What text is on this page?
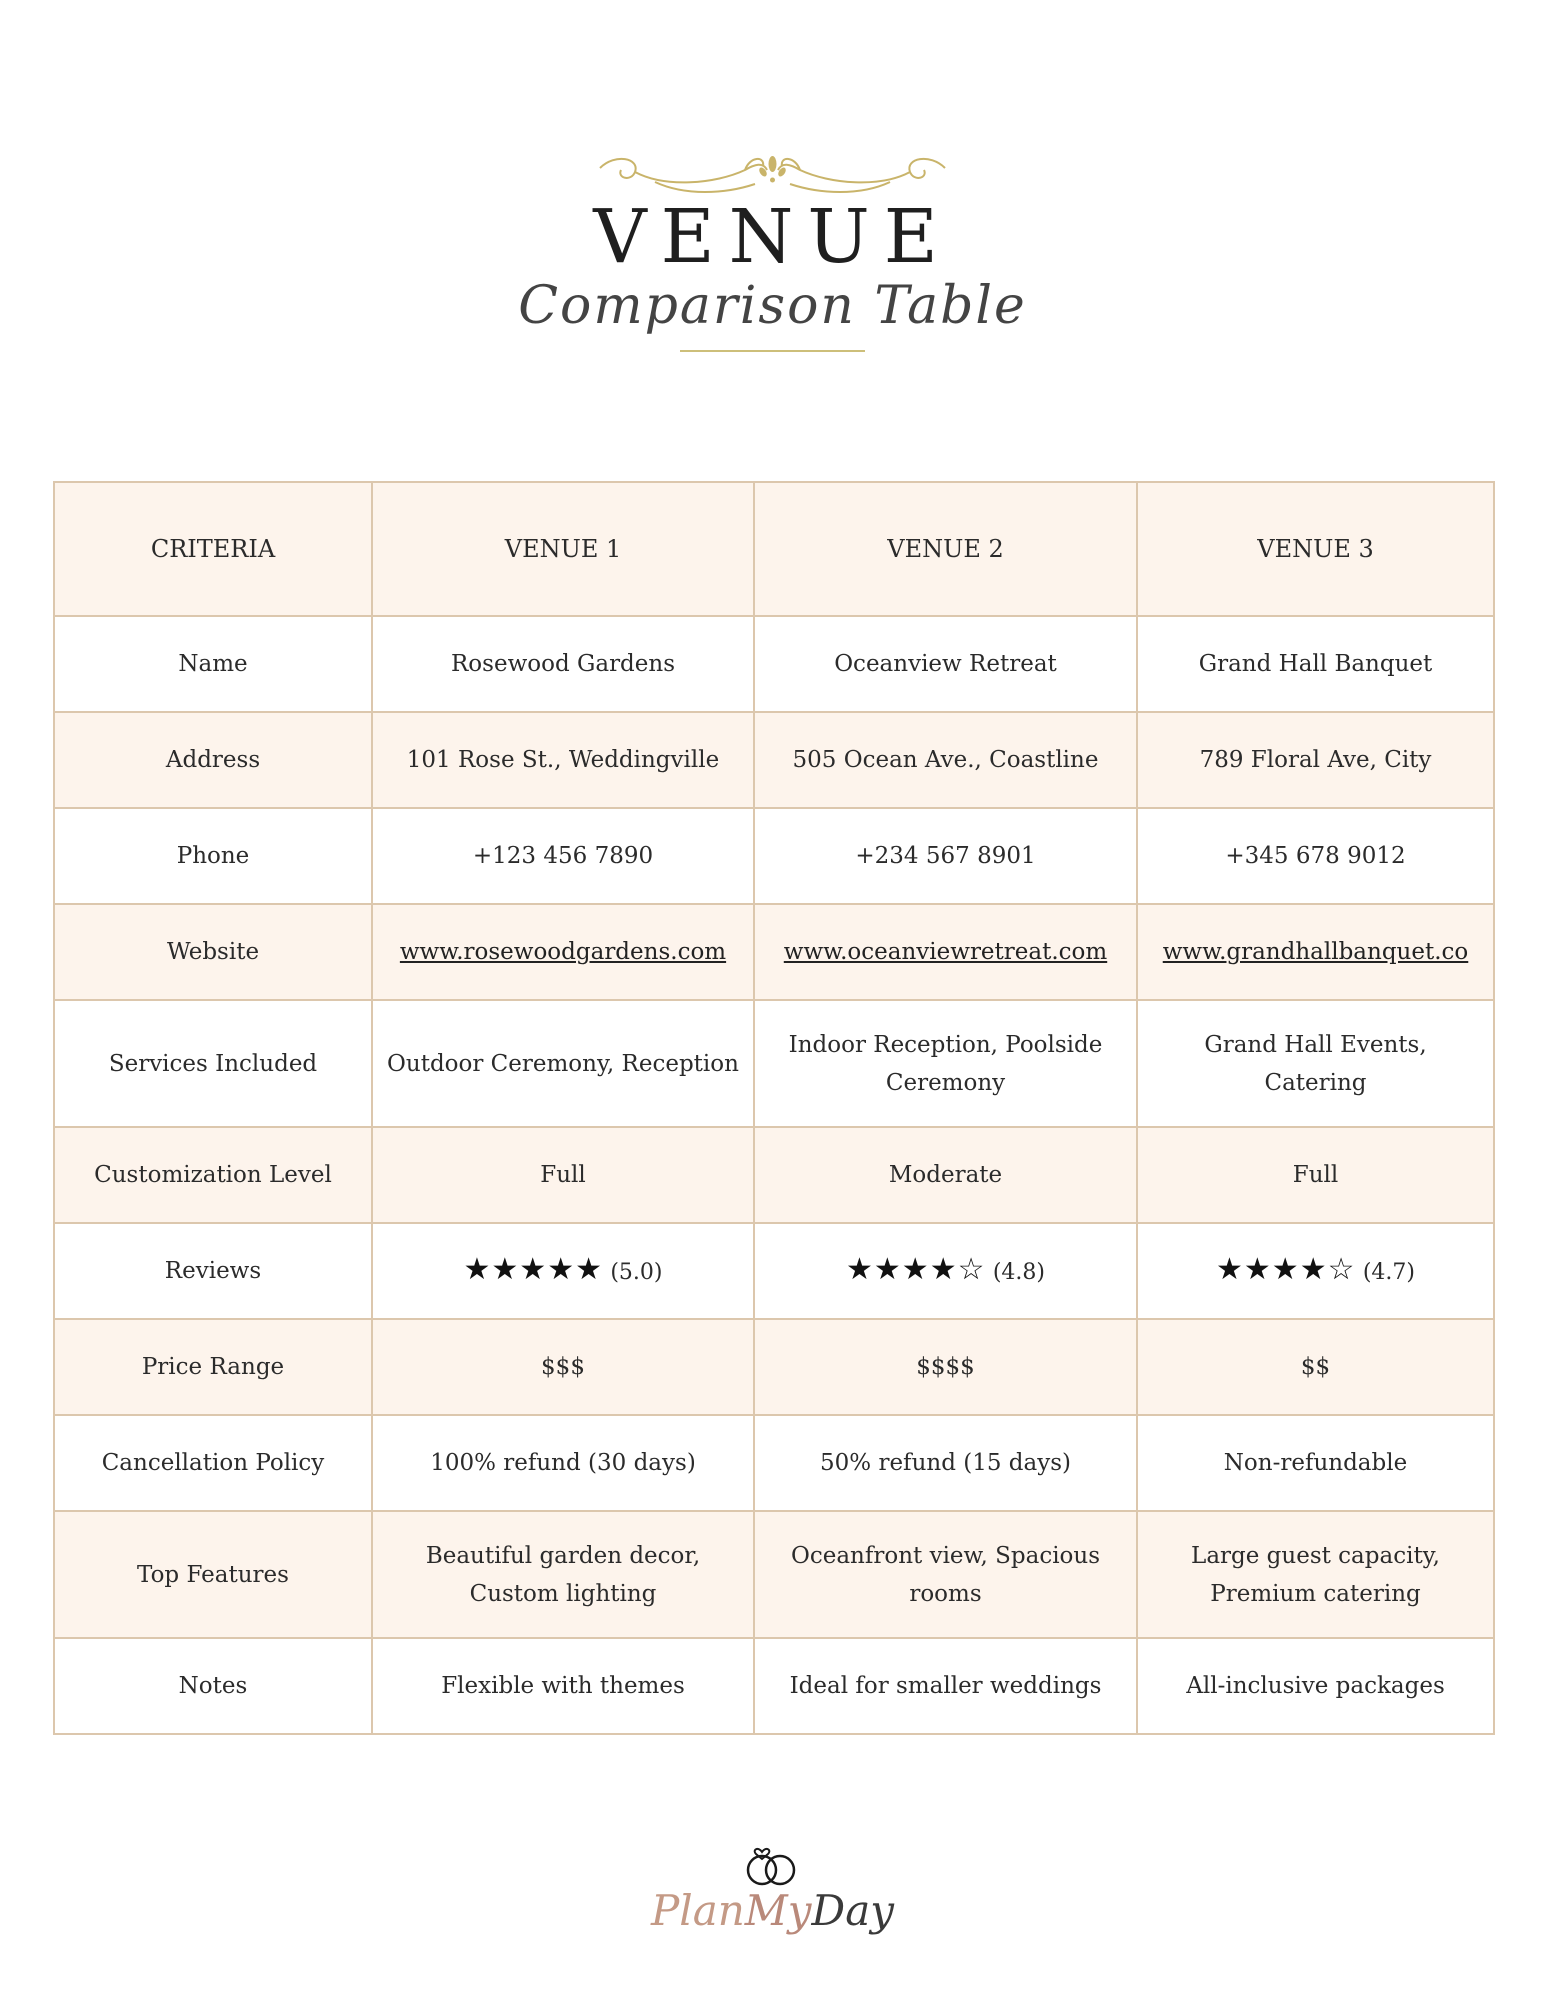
VENUE
Comparison Table
CRITERIA	VENUE 1	VENUE 2	VENUE 3
Name	Rosewood Gardens	Oceanview Retreat	Grand Hall Banquet
Address	101 Rose St., Weddingville	505 Ocean Ave., Coastline	789 Floral Ave, City
Phone	+123 456 7890	+234 567 8901	+345 678 9012
Website	www.rosewoodgardens.com	www.oceanviewretreat.com	www.grandhallbanquet.co
Services Included	Outdoor Ceremony, Reception	Indoor Reception, Poolside Ceremony	Grand Hall Events, Catering
Customization Level	Full	Moderate	Full
Reviews	★★★★★ (5.0)	★★★★☆ (4.8)	★★★★☆ (4.7)
Price Range	$$$	$$$$	$$
Cancellation Policy	100% refund (30 days)	50% refund (15 days)	Non-refundable
Top Features	Beautiful garden decor, Custom lighting	Oceanfront view, Spacious rooms	Large guest capacity, Premium catering
Notes	Flexible with themes	Ideal for smaller weddings	All-inclusive packages
PlanMyDay
